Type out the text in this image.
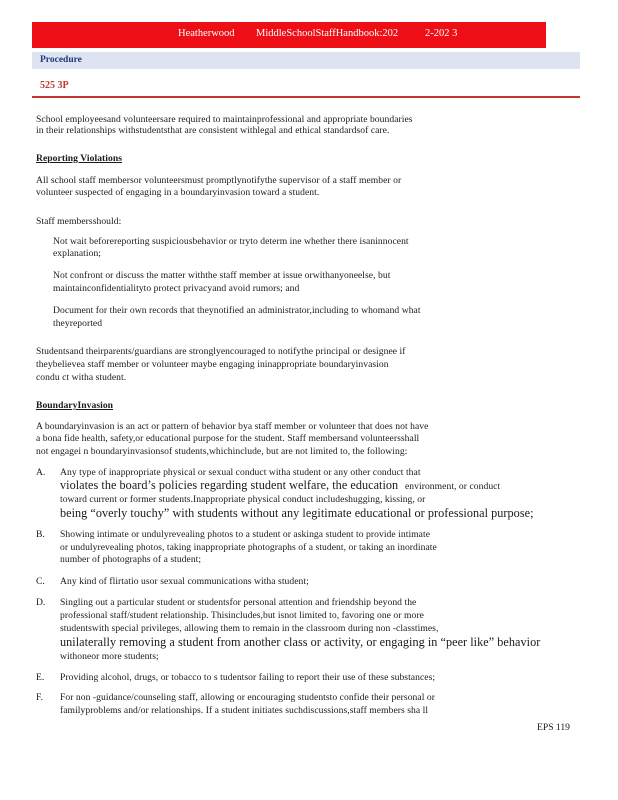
Heatherwood MiddleSchoolStaffHandbook:202	2-202 3
Procedure
525 3P
School employeesand volunteersare required to maintainprofessional and appropriate boundaries
in their relationships withstudentsthat are consistent withlegal and ethical standardsof care.
Reporting Violations
All school staff membersor volunteersmust promptlynotifythe supervisor of a staff member or
volunteer suspected of engaging in a boundaryinvasion toward a student.
Staff membersshould:
Not wait beforereporting suspiciousbehavior or tryto determ ine whether there isaninnocent
explanation;
Not confront or discuss the matter withthe staff member at issue orwithanyoneelse, but
maintainconfidentialityto protect privacyand avoid rumors; and
Document for their own records that theynotified an administrator,including to whomand what
theyreported
Studentsand theirparents/guardians are stronglyencouraged to notifythe principal or designee if
theybelievea staff member or volunteer maybe engaging ininappropriate boundaryinvasion
condu ct witha student.
BoundaryInvasion
A boundaryinvasion is an act or pattern of behavior bya staff member or volunteer that does not have
a bona fide health, safety,or educational purpose for the student. Staff membersand volunteersshall
not engagei n boundaryinvasionsof students,whichinclude, but are not limited to, the following:
A. Any type of inappropriate physical or sexual conduct witha student or any other conduct that
violates the board’s policies regarding student welfare, the education environment, or conduct
toward current or former students.Inappropriate physical conduct includeshugging, kissing, or
being “overly touchy” with students without any legitimate educational or professional purpose;
B. Showing intimate or undulyrevealing photos to a student or askinga student to provide intimate
or undulyrevealing photos, taking inappropriate photographs of a student, or taking an inordinate
number of photographs of a student;
C. Any kind of flirtatio usor sexual communications witha student;
D. Singling out a particular student or studentsfor personal attention and friendship beyond the
professional staff/student relationship. Thisincludes,but isnot limited to, favoring one or more
studentswith special privileges, allowing them to remain in the classroom during non -classtimes,
unilaterally removing a student from another class or activity, or engaging in “peer like” behavior
withoneor more students;
E. Providing alcohol, drugs, or tobacco to s tudentsor failing to report their use of these substances;
F. For non -guidance/counseling staff, allowing or encouraging studentsto confide their personal or
familyproblems and/or relationships. If a student initiates suchdiscussions,staff members sha ll
EPS 119
